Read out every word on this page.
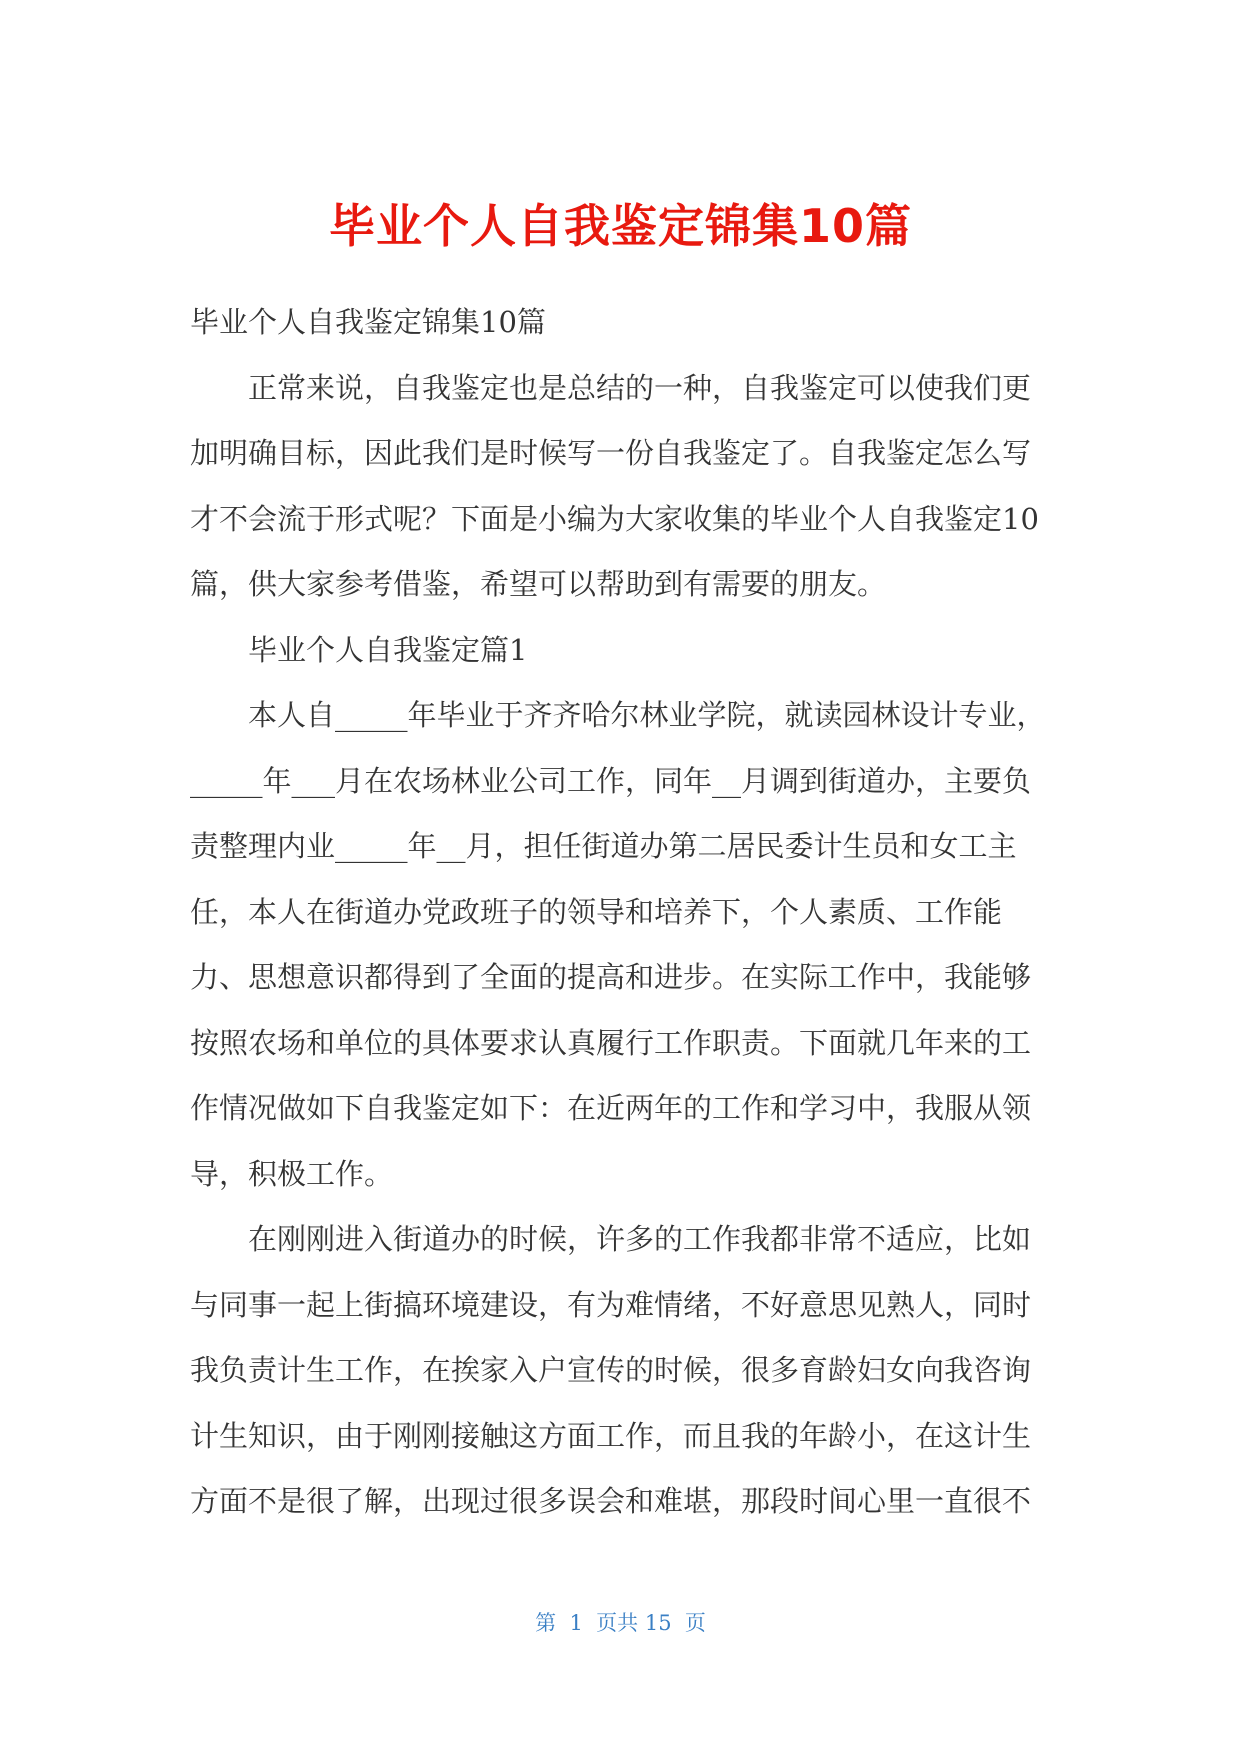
毕业个人自我鉴定锦集10篇
毕业个人自我鉴定锦集10篇
正常来说，自我鉴定也是总结的一种，自我鉴定可以使我们更
加明确目标，因此我们是时候写一份自我鉴定了。自我鉴定怎么写
才不会流于形式呢？下面是小编为大家收集的毕业个人自我鉴定10
篇，供大家参考借鉴，希望可以帮助到有需要的朋友。
毕业个人自我鉴定篇1
本人自_____年毕业于齐齐哈尔林业学院，就读园林设计专业，
_____年___月在农场林业公司工作，同年__月调到街道办，主要负
责整理内业_____年__月，担任街道办第二居民委计生员和女工主
任，本人在街道办党政班子的领导和培养下，个人素质、工作能
力、思想意识都得到了全面的提高和进步。在实际工作中，我能够
按照农场和单位的具体要求认真履行工作职责。下面就几年来的工
作情况做如下自我鉴定如下：在近两年的工作和学习中，我服从领
导，积极工作。
在刚刚进入街道办的时候，许多的工作我都非常不适应，比如
与同事一起上街搞环境建设，有为难情绪，不好意思见熟人，同时
我负责计生工作，在挨家入户宣传的时候，很多育龄妇女向我咨询
计生知识，由于刚刚接触这方面工作，而且我的年龄小，在这计生
方面不是很了解，出现过很多误会和难堪，那段时间心里一直很不
第  1  页共 15  页
